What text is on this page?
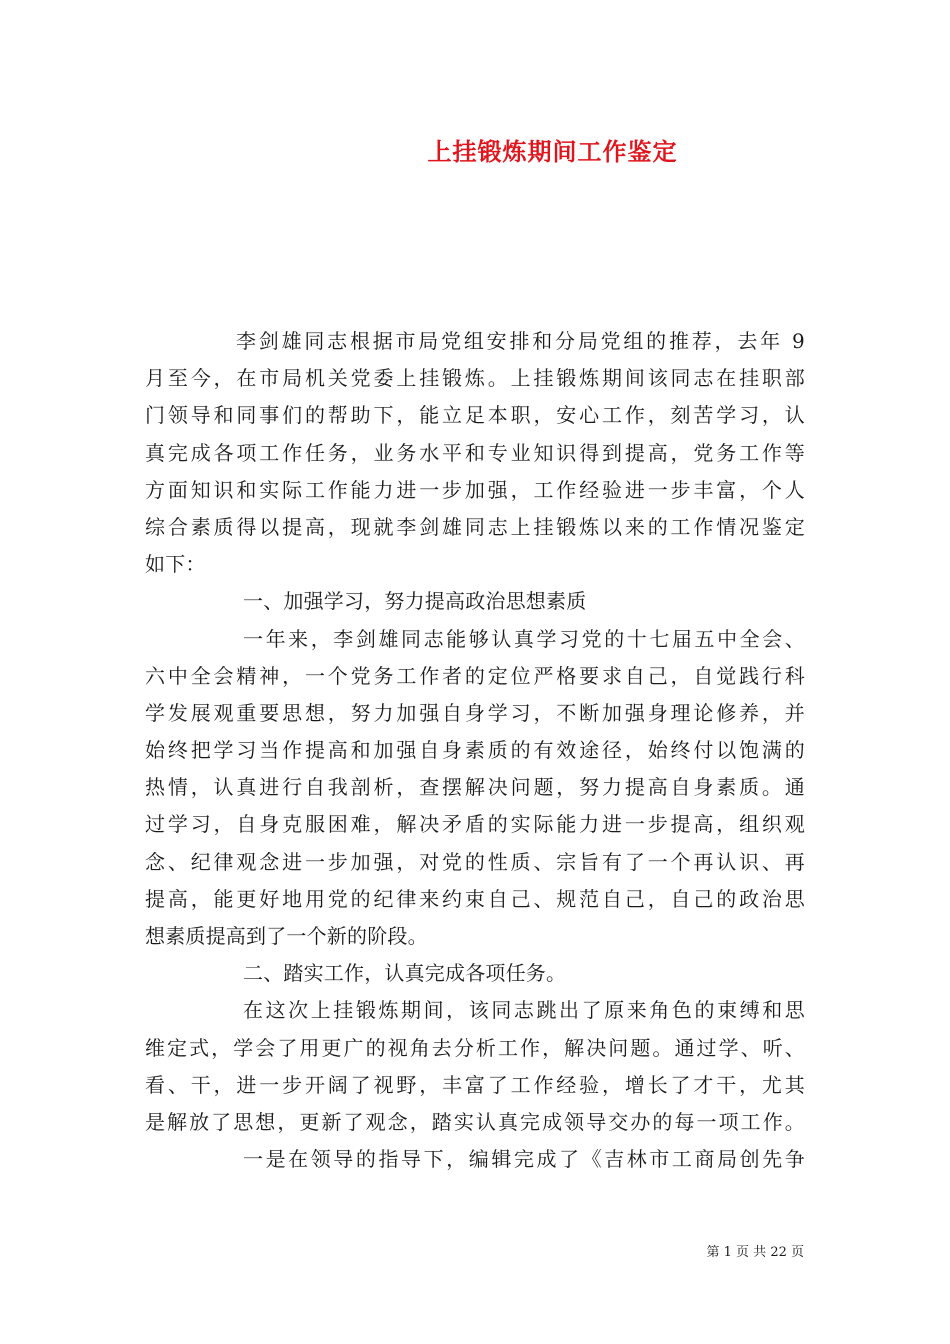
上挂锻炼期间工作鉴定
李剑雄同志根据市局党组安排和分局党组的推荐，去年 9
月至今，在市局机关党委上挂锻炼。上挂锻炼期间该同志在挂职部
门领导和同事们的帮助下，能立足本职，安心工作，刻苦学习，认
真完成各项工作任务，业务水平和专业知识得到提高，党务工作等
方面知识和实际工作能力进一步加强，工作经验进一步丰富，个人
综合素质得以提高，现就李剑雄同志上挂锻炼以来的工作情况鉴定
如下：
一、加强学习，努力提高政治思想素质
一年来，李剑雄同志能够认真学习党的十七届五中全会、
六中全会精神，一个党务工作者的定位严格要求自己，自觉践行科
学发展观重要思想，努力加强自身学习，不断加强身理论修养，并
始终把学习当作提高和加强自身素质的有效途径，始终付以饱满的
热情，认真进行自我剖析，查摆解决问题，努力提高自身素质。通
过学习，自身克服困难，解决矛盾的实际能力进一步提高，组织观
念、纪律观念进一步加强，对党的性质、宗旨有了一个再认识、再
提高，能更好地用党的纪律来约束自己、规范自己，自己的政治思
想素质提高到了一个新的阶段。
二、踏实工作，认真完成各项任务。
在这次上挂锻炼期间，该同志跳出了原来角色的束缚和思
维定式，学会了用更广的视角去分析工作，解决问题。通过学、听、
看、干，进一步开阔了视野，丰富了工作经验，增长了才干，尤其
是解放了思想，更新了观念，踏实认真完成领导交办的每一项工作。
一是在领导的指导下，编辑完成了《吉林市工商局创先争
第 1 页 共 22 页
